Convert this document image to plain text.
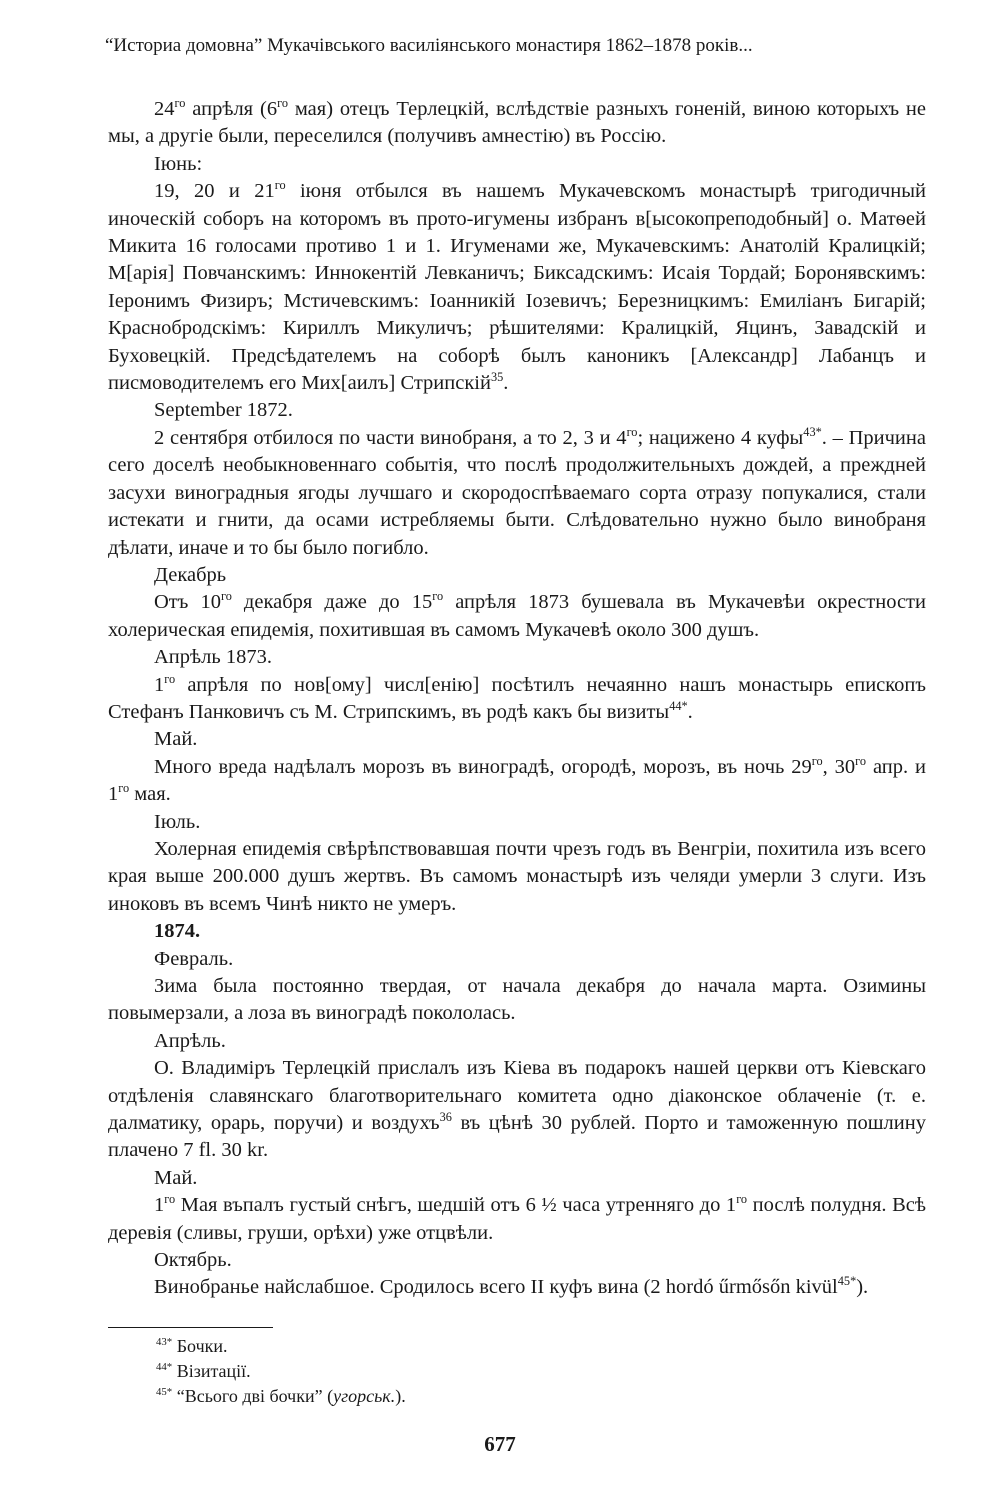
“Историа домовна” Мукачівського василіянського монастиря 1862–1878 років...

$24^{го}$ апрѣля ($6^{го}$ мая) отецъ Терлецкій, вслѣдствіе разныхъ гоненій, виною которыхъ не мы, а другіе были, переселился (получивъ амнестію) въ Россію.

Іюнь:

19, 20 и $21^{го}$ іюня отбылся въ нашемъ Мукачевскомъ монастырѣ тригодичный иноческій соборъ на которомъ въ прото-игумены избранъ в[ысокопреподобный] о. Матѳей Микита 16 голосами противо 1 и 1. Игуменами же, Мукачевскимъ: Анатолій Кралицкій; М[арія] Повчанскимъ: Иннокентій Левканичъ; Биксадскимъ: Исаія Тордай; Боронявскимъ: Іеронимъ Физиръ; Мстичевскимъ: Іоанникій Іозевичъ; Березницкимъ: Емиліанъ Бигарій; Краснобродскімъ: Кириллъ Микуличъ; рѣшителями: Кралицкій, Яцинъ, Завадскій и Буховецкій. Предсѣдателемъ на соборѣ былъ каноникъ [Александр] Лабанцъ и писмоводителемъ его Мих[аилъ] Стрипскій$^{35}$.

September 1872.

2 сентября отбилося по части винобраня, а то 2, 3 и $4^{го}$; нацижено 4 куфы$^{43*}$. – Причина сего доселѣ необыкновеннаго событія, что послѣ продолжительныхъ дождей, а преждней засухи виноградныя ягоды лучшаго и скородоспѣваемаго сорта отразу попукалися, стали истекати и гнити, да осами истребляемы быти. Слѣдовательно нужно было винобраня дѣлати, иначе и то бы было погибло.

Декабрь

Отъ $10^{го}$ декабря даже до $15^{го}$ апрѣля 1873 бушевала въ Мукачевѣи окрестности холерическая епидемія, похитившая въ самомъ Мукачевѣ около 300 душъ.

Апрѣль 1873.

$1^{го}$ апрѣля по нов[ому] числ[енію] посѣтилъ нечаянно нашъ монастырь епископъ Стефанъ Панковичъ съ М. Стрипскимъ, въ родѣ какъ бы визиты$^{44*}$.

Май.

Много вреда надѣлалъ морозъ въ винoградѣ, огородѣ, морозъ, въ ночь $29^{го}$, $30^{го}$ апр. и $1^{го}$ мая.

Іюль.

Холерная епидемія свѣрѣпствовавшая почти чрезъ годъ въ Венгріи, похитила изъ всего края выше 200.000 душъ жертвъ. Въ самомъ монастырѣ изъ челяди умерли 3 слуги. Изъ иноковъ въ всемъ Чинѣ никто не умеръ.

1874.

Февраль.

Зима была постоянно твердая, от начала декабря до начала марта. Озимины повымерзали, а лоза въ виноградѣ покололась.

Апрѣль.

О. Владиміръ Терлецкій прислалъ изъ Кіева въ подарокъ нашей церкви отъ Кіевскаго отдѣленія славянскаго благотворительнаго комитета одно діаконское облаченіе (т. е. далматику, орарь, поручи) и воздухъ$^{36}$ въ цѣнѣ 30 рублей. Порто и таможенную пошлину плачено 7 fl. 30 kr.

Май.

$1^{го}$ Мая въпалъ густый снѣгъ, шедшій отъ 6 ½ часа утренняго до $1^{го}$ послѣ полудня. Всѣ деревія (сливы, груши, орѣхи) уже отцвѣли.

Октябрь.

Винобранье найслабшое. Сродилось всего II куфъ вина (2 hordó űrmősőn kivül$^{45*}$).

$^{43*}$ Бочки.
$^{44*}$ Візитації.
$^{45*}$ “Всього дві бочки” (угорськ.).
677
